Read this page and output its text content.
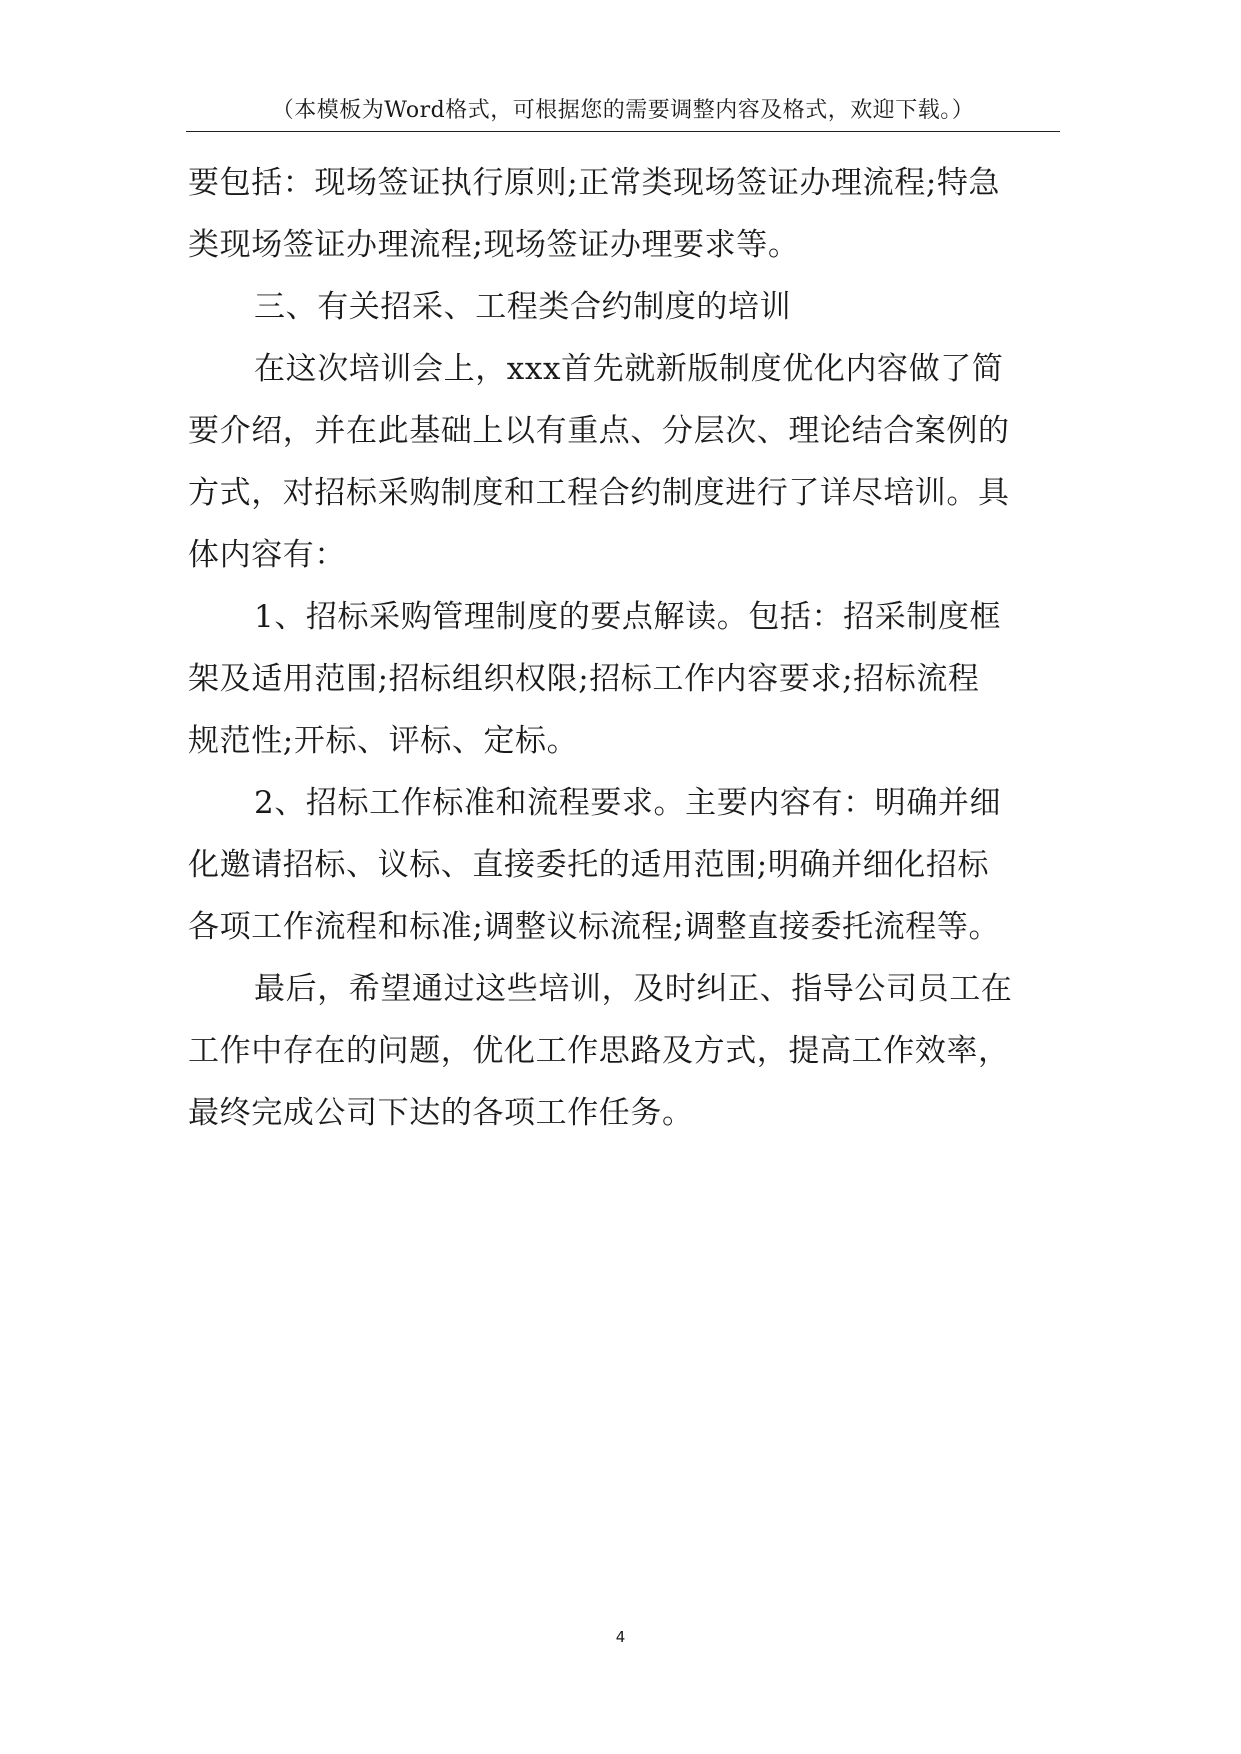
（本模板为Word格式，可根据您的需要调整内容及格式，欢迎下载。）
要包括：现场签证执行原则;正常类现场签证办理流程;特急
类现场签证办理流程;现场签证办理要求等。
三、有关招采、工程类合约制度的培训
在这次培训会上，xxx首先就新版制度优化内容做了简
要介绍，并在此基础上以有重点、分层次、理论结合案例的
方式，对招标采购制度和工程合约制度进行了详尽培训。具
体内容有：
1、招标采购管理制度的要点解读。包括：招采制度框
架及适用范围;招标组织权限;招标工作内容要求;招标流程
规范性;开标、评标、定标。
2、招标工作标准和流程要求。主要内容有：明确并细
化邀请招标、议标、直接委托的适用范围;明确并细化招标
各项工作流程和标准;调整议标流程;调整直接委托流程等。
最后，希望通过这些培训，及时纠正、指导公司员工在
工作中存在的问题，优化工作思路及方式，提高工作效率，
最终完成公司下达的各项工作任务。
4
